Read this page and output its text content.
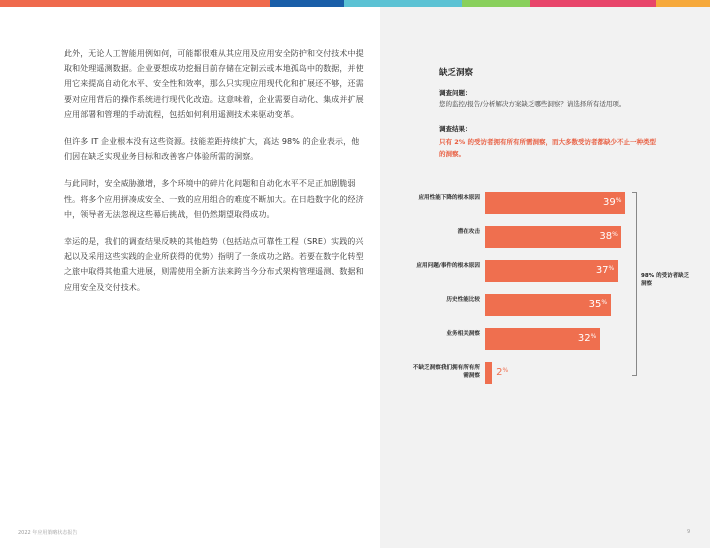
此外，无论人工智能用例如何，可能都很难从其应用及应用安全防护和交付技术中提取和处理遥测数据。企业要想成功挖掘目前存储在定制云或本地孤岛中的数据，并使用它来提高自动化水平、安全性和效率，那么只实现应用现代化和扩展还不够，还需要对应用背后的操作系统进行现代化改造。这意味着，企业需要自动化、集成并扩展应用部署和管理的手动流程，包括如何利用遥测技术来驱动变革。

但许多 IT 企业根本没有这些资源。技能差距持续扩大，高达 98% 的企业表示，他们因在缺乏实现业务目标和改善客户体验所需的洞察。

与此同时，安全威胁激增，多个环境中的碎片化问题和自动化水平不足正加剧脆弱性。将多个应用拼凑成安全、一致的应用组合的难度不断加大。在日趋数字化的经济中，领导者无法忽视这些幕后挑战，但仍然期望取得成功。

幸运的是，我们的调查结果反映的其他趋势（包括站点可靠性工程（SRE）实践的兴起以及采用这些实践的企业所获得的优势）指明了一条成功之路。若要在数字化转型之旅中取得其他重大进展，则需使用全新方法来跨当今分布式架构管理遥测、数据和应用安全及交付技术。

2022 年应用策略状态报告	9
缺乏洞察
调查问题：
您的监控/报告/分析解决方案缺乏哪些洞察？请选择所有适用项。
调查结果：
只有 2% 的受访者拥有所有所需洞察，而大多数受访者都缺少不止一种类型的洞察。
98% 的受访者缺乏洞察
应用性能下降的根本原因	39%
潜在攻击	38%
应用问题/事件的根本原因	37%
历史性能比较	35%
业务相关洞察	32%
不缺乏洞察我们拥有所有所需洞察 2%
